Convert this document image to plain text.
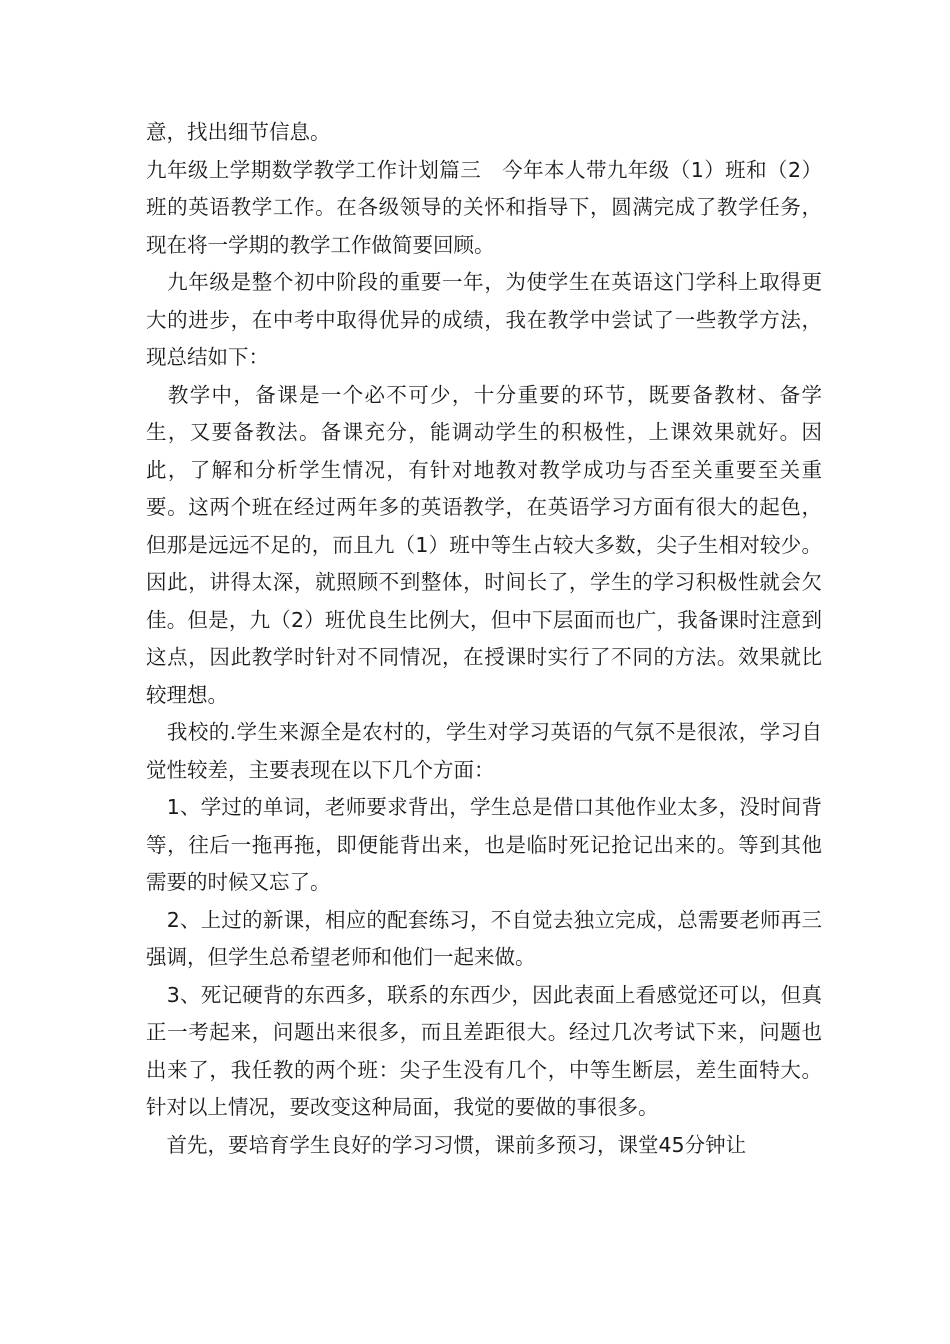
意，找出细节信息。

九年级上学期数学教学工作计划篇三　今年本人带九年级（1）班和（2）班的英语教学工作。在各级领导的关怀和指导下，圆满完成了教学任务，现在将一学期的教学工作做简要回顾。

　九年级是整个初中阶段的重要一年，为使学生在英语这门学科上取得更大的进步，在中考中取得优异的成绩，我在教学中尝试了一些教学方法，现总结如下：

　教学中，备课是一个必不可少，十分重要的环节，既要备教材、备学生，又要备教法。备课充分，能调动学生的积极性，上课效果就好。因此，了解和分析学生情况，有针对地教对教学成功与否至关重要至关重要。这两个班在经过两年多的英语教学，在英语学习方面有很大的起色，但那是远远不足的，而且九（1）班中等生占较大多数，尖子生相对较少。因此，讲得太深，就照顾不到整体，时间长了，学生的学习积极性就会欠佳。但是，九（2）班优良生比例大，但中下层面而也广，我备课时注意到这点，因此教学时针对不同情况，在授课时实行了不同的方法。效果就比较理想。

　我校的.学生来源全是农村的，学生对学习英语的气氛不是很浓，学习自觉性较差，主要表现在以下几个方面：

　1、学过的单词，老师要求背出，学生总是借口其他作业太多，没时间背等，往后一拖再拖，即便能背出来，也是临时死记抢记出来的。等到其他需要的时候又忘了。

　2、上过的新课，相应的配套练习，不自觉去独立完成，总需要老师再三强调，但学生总希望老师和他们一起来做。

　3、死记硬背的东西多，联系的东西少，因此表面上看感觉还可以，但真正一考起来，问题出来很多，而且差距很大。经过几次考试下来，问题也出来了，我任教的两个班：尖子生没有几个，中等生断层，差生面特大。针对以上情况，要改变这种局面，我觉的要做的事很多。

　首先，要培育学生良好的学习习惯，课前多预习，课堂45分钟让
